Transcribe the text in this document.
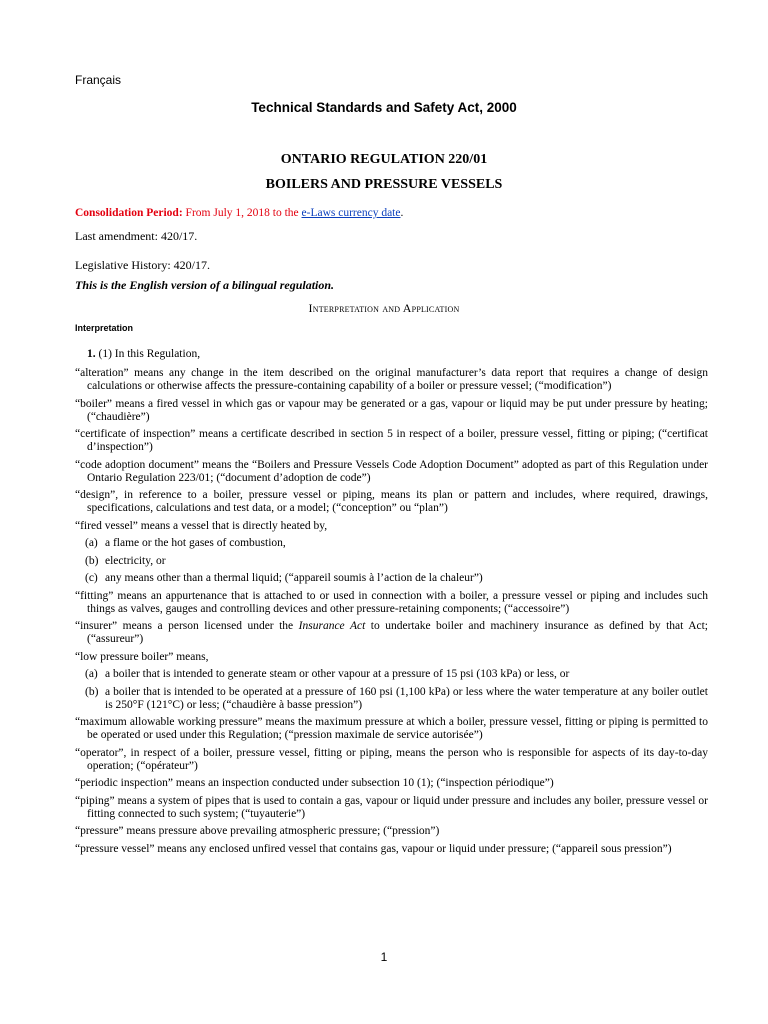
Français
Technical Standards and Safety Act, 2000
ONTARIO REGULATION 220/01
BOILERS AND PRESSURE VESSELS
Consolidation Period: From July 1, 2018 to the e-Laws currency date.
Last amendment: 420/17.
Legislative History: 420/17.
This is the English version of a bilingual regulation.
Interpretation and Application
Interpretation

1. (1) In this Regulation,

“alteration” means any change in the item described on the original manufacturer’s data report that requires a change of design calculations or otherwise affects the pressure-containing capability of a boiler or pressure vessel; (“modification”)

“boiler” means a fired vessel in which gas or vapour may be generated or a gas, vapour or liquid may be put under pressure by heating; (“chaudière”)

“certificate of inspection” means a certificate described in section 5 in respect of a boiler, pressure vessel, fitting or piping; (“certificat d’inspection”)

“code adoption document” means the “Boilers and Pressure Vessels Code Adoption Document” adopted as part of this Regulation under Ontario Regulation 223/01; (“document d’adoption de code”)

“design”, in reference to a boiler, pressure vessel or piping, means its plan or pattern and includes, where required, drawings, specifications, calculations and test data, or a model; (“conception” ou “plan”)

“fired vessel” means a vessel that is directly heated by,

(a) a flame or the hot gases of combustion,

(b) electricity, or

(c) any means other than a thermal liquid; (“appareil soumis à l’action de la chaleur”)

“fitting” means an appurtenance that is attached to or used in connection with a boiler, a pressure vessel or piping and includes such things as valves, gauges and controlling devices and other pressure-retaining components; (“accessoire”)

“insurer” means a person licensed under the Insurance Act to undertake boiler and machinery insurance as defined by that Act; (“assureur”)

“low pressure boiler” means,

(a) a boiler that is intended to generate steam or other vapour at a pressure of 15 psi (103 kPa) or less, or

(b) a boiler that is intended to be operated at a pressure of 160 psi (1,100 kPa) or less where the water temperature at any boiler outlet is 250°F (121°C) or less; (“chaudière à basse pression”)

“maximum allowable working pressure” means the maximum pressure at which a boiler, pressure vessel, fitting or piping is permitted to be operated or used under this Regulation; (“pression maximale de service autorisée”)

“operator”, in respect of a boiler, pressure vessel, fitting or piping, means the person who is responsible for aspects of its day-to-day operation; (“opérateur”)

“periodic inspection” means an inspection conducted under subsection 10 (1); (“inspection périodique”)

“piping” means a system of pipes that is used to contain a gas, vapour or liquid under pressure and includes any boiler, pressure vessel or fitting connected to such system; (“tuyauterie”)

“pressure” means pressure above prevailing atmospheric pressure; (“pression”)

“pressure vessel” means any enclosed unfired vessel that contains gas, vapour or liquid under pressure; (“appareil sous pression”)

1
